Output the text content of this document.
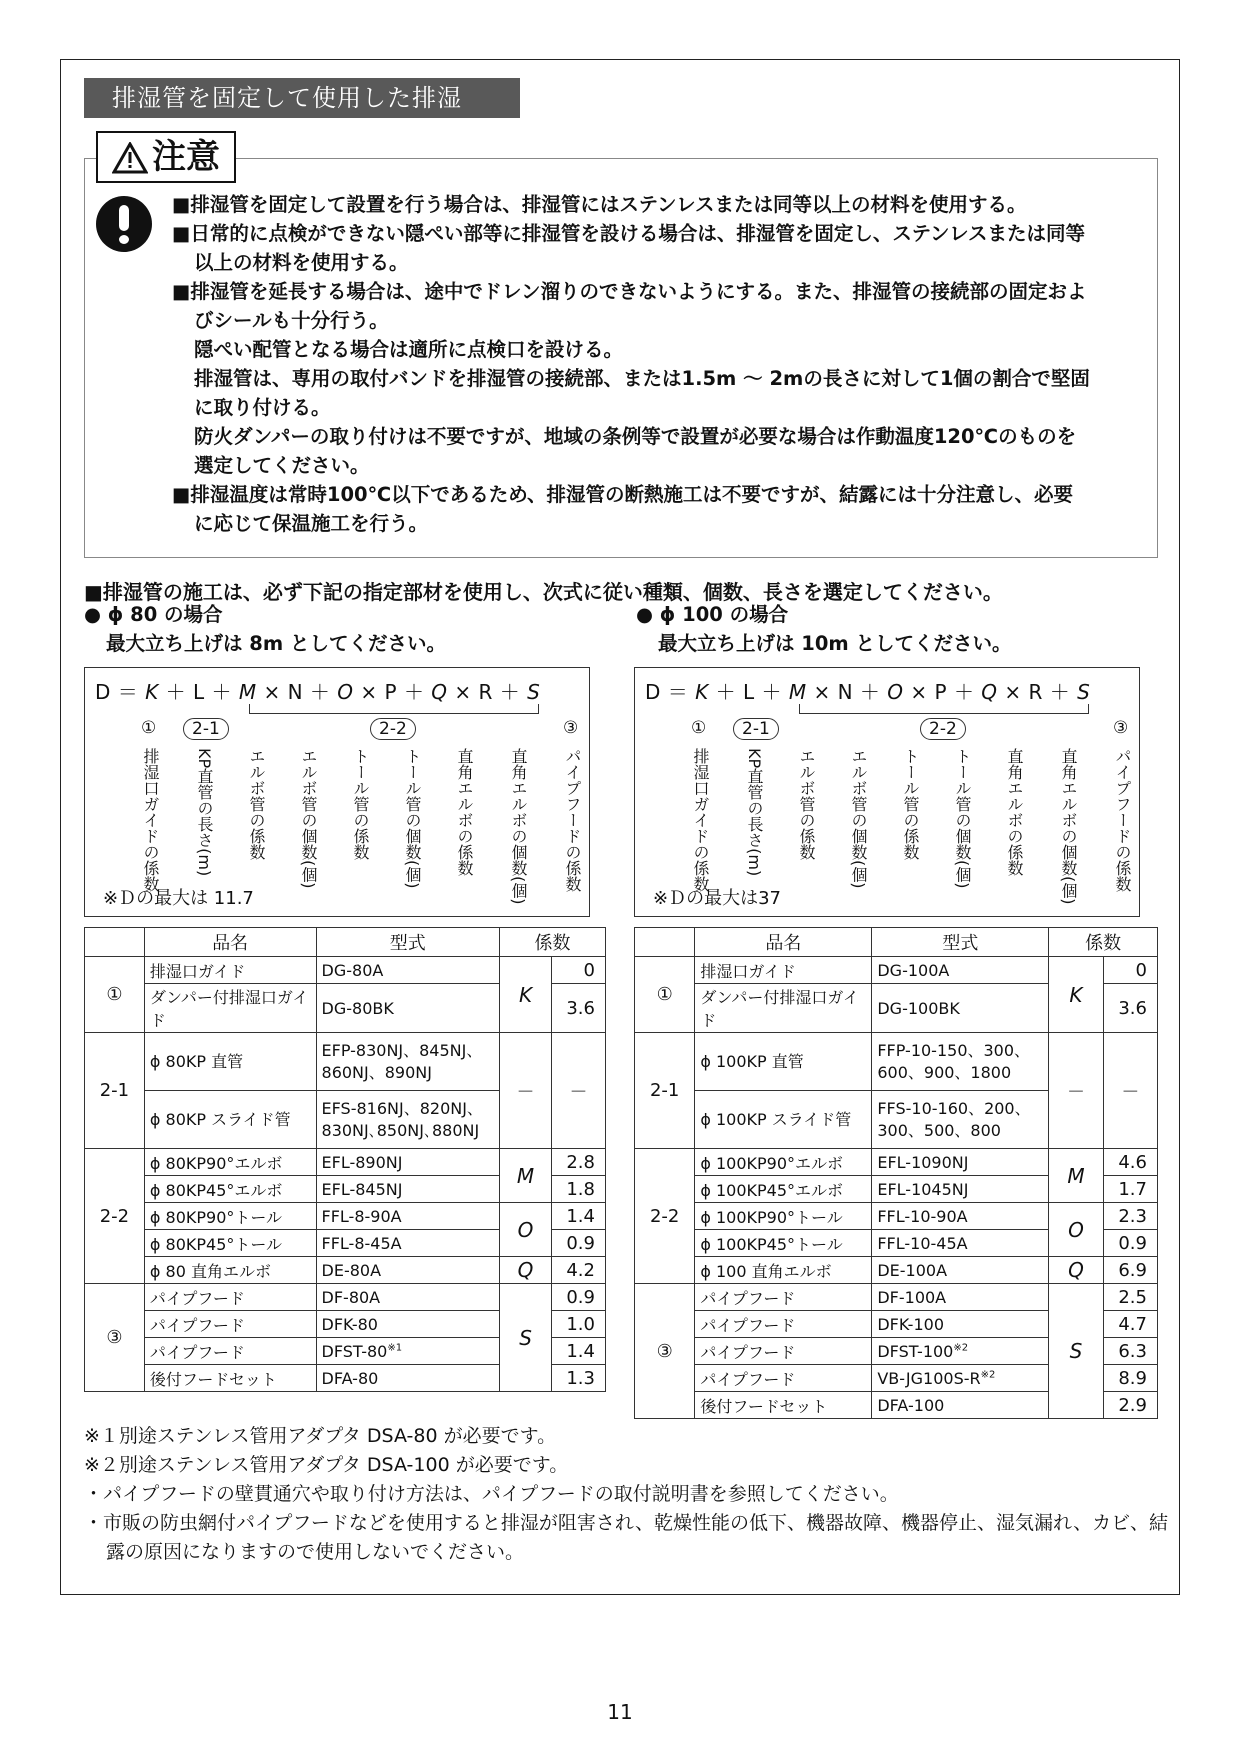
排湿管を固定して使用した排湿
注意

■排湿管を固定して設置を行う場合は、排湿管にはステンレスまたは同等以上の材料を使用する。

■日常的に点検ができない隠ぺい部等に排湿管を設ける場合は、排湿管を固定し、ステンレスまたは同等

以上の材料を使用する。

■排湿管を延長する場合は、途中でドレン溜りのできないようにする。また、排湿管の接続部の固定およ

びシールも十分行う。

隠ぺい配管となる場合は適所に点検口を設ける。

排湿管は、専用の取付バンドを排湿管の接続部、または1.5m ～ 2mの長さに対して1個の割合で堅固

に取り付ける。

防火ダンパーの取り付けは不要ですが、地域の条例等で設置が必要な場合は作動温度120℃のものを

選定してください。

■排湿温度は常時100℃以下であるため、排湿管の断熱施工は不要ですが、結露には十分注意し、必要

に応じて保温施工を行う。

■排湿管の施工は、必ず下記の指定部材を使用し、次式に従い種類、個数、長さを選定してください。
● ϕ 80 の場合
最大立ち上げは 8m としてください。
● ϕ 100 の場合
最大立ち上げは 10m としてください。
D ＝ K ＋ L ＋ M × N ＋ O × P ＋ Q × R ＋ S
①	2-1	2-2	③
排湿口ガイドの係数 KP直管の長さ(m) エルボ管の係数 エルボ管の個数(個) トール管の係数 トール管の個数(個) 直角エルボの係数 直角エルボの個数(個) パイプフードの係数
※Ｄの最大は 11.7
D ＝ K ＋ L ＋ M × N ＋ O × P ＋ Q × R ＋ S
①	2-1	2-2	③
排湿口ガイドの係数 KP直管の長さ(m) エルボ管の係数 エルボ管の個数(個) トール管の係数 トール管の個数(個) 直角エルボの係数 直角エルボの個数(個) パイプフードの係数
※Ｄの最大は37
	品名	型式	係数	
①	排湿口ガイド	DG-80A	K	0
	ダンパー付排湿口ガイド	DG-80BK		3.6
2-1	ϕ 80KP 直管	EFP-830NJ、845NJ、860NJ、890NJ	－	－
	ϕ 80KP スライド管	EFS-816NJ、820NJ、830NJ､850NJ､880NJ		
2-2	ϕ 80KP90°エルボ	EFL-890NJ	M	2.8
	ϕ 80KP45°エルボ	EFL-845NJ		1.8
	ϕ 80KP90°トール	FFL-8-90A	O	1.4
	ϕ 80KP45°トール	FFL-8-45A		0.9
	ϕ 80 直角エルボ	DE-80A	Q	4.2
③	パイプフード	DF-80A	S	0.9
	パイプフード	DFK-80		1.0
	パイプフード	DFST-80$^{※1}$		1.4
	後付フードセット	DFA-80		1.3
	品名	型式	係数	
①	排湿口ガイド	DG-100A	K	0
	ダンパー付排湿口ガイド	DG-100BK		3.6
2-1	ϕ 100KP 直管	FFP-10-150、300、600、900、1800	－	－
	ϕ 100KP スライド管	FFS-10-160、200、300、500、800		
2-2	ϕ 100KP90°エルボ	EFL-1090NJ	M	4.6
	ϕ 100KP45°エルボ	EFL-1045NJ		1.7
	ϕ 100KP90°トール	FFL-10-90A	O	2.3
	ϕ 100KP45°トール	FFL-10-45A		0.9
	ϕ 100 直角エルボ	DE-100A	Q	6.9
③	パイプフード	DF-100A	S	2.5
	パイプフード	DFK-100		4.7
	パイプフード	DFST-100$^{※2}$		6.3
	パイプフード	$VB-JG100S-R^{※2}$		8.9
	後付フードセット	DFA-100		2.9

※１別途ステンレス管用アダプタ DSA-80 が必要です。

※２別途ステンレス管用アダプタ DSA-100 が必要です。

・パイプフードの壁貫通穴や取り付け方法は、パイプフードの取付説明書を参照してください。

・市販の防虫網付パイプフードなどを使用すると排湿が阻害され、乾燥性能の低下、機器故障、機器停止、湿気漏れ、カビ、結露の原因になりますので使用しないでください。

11
